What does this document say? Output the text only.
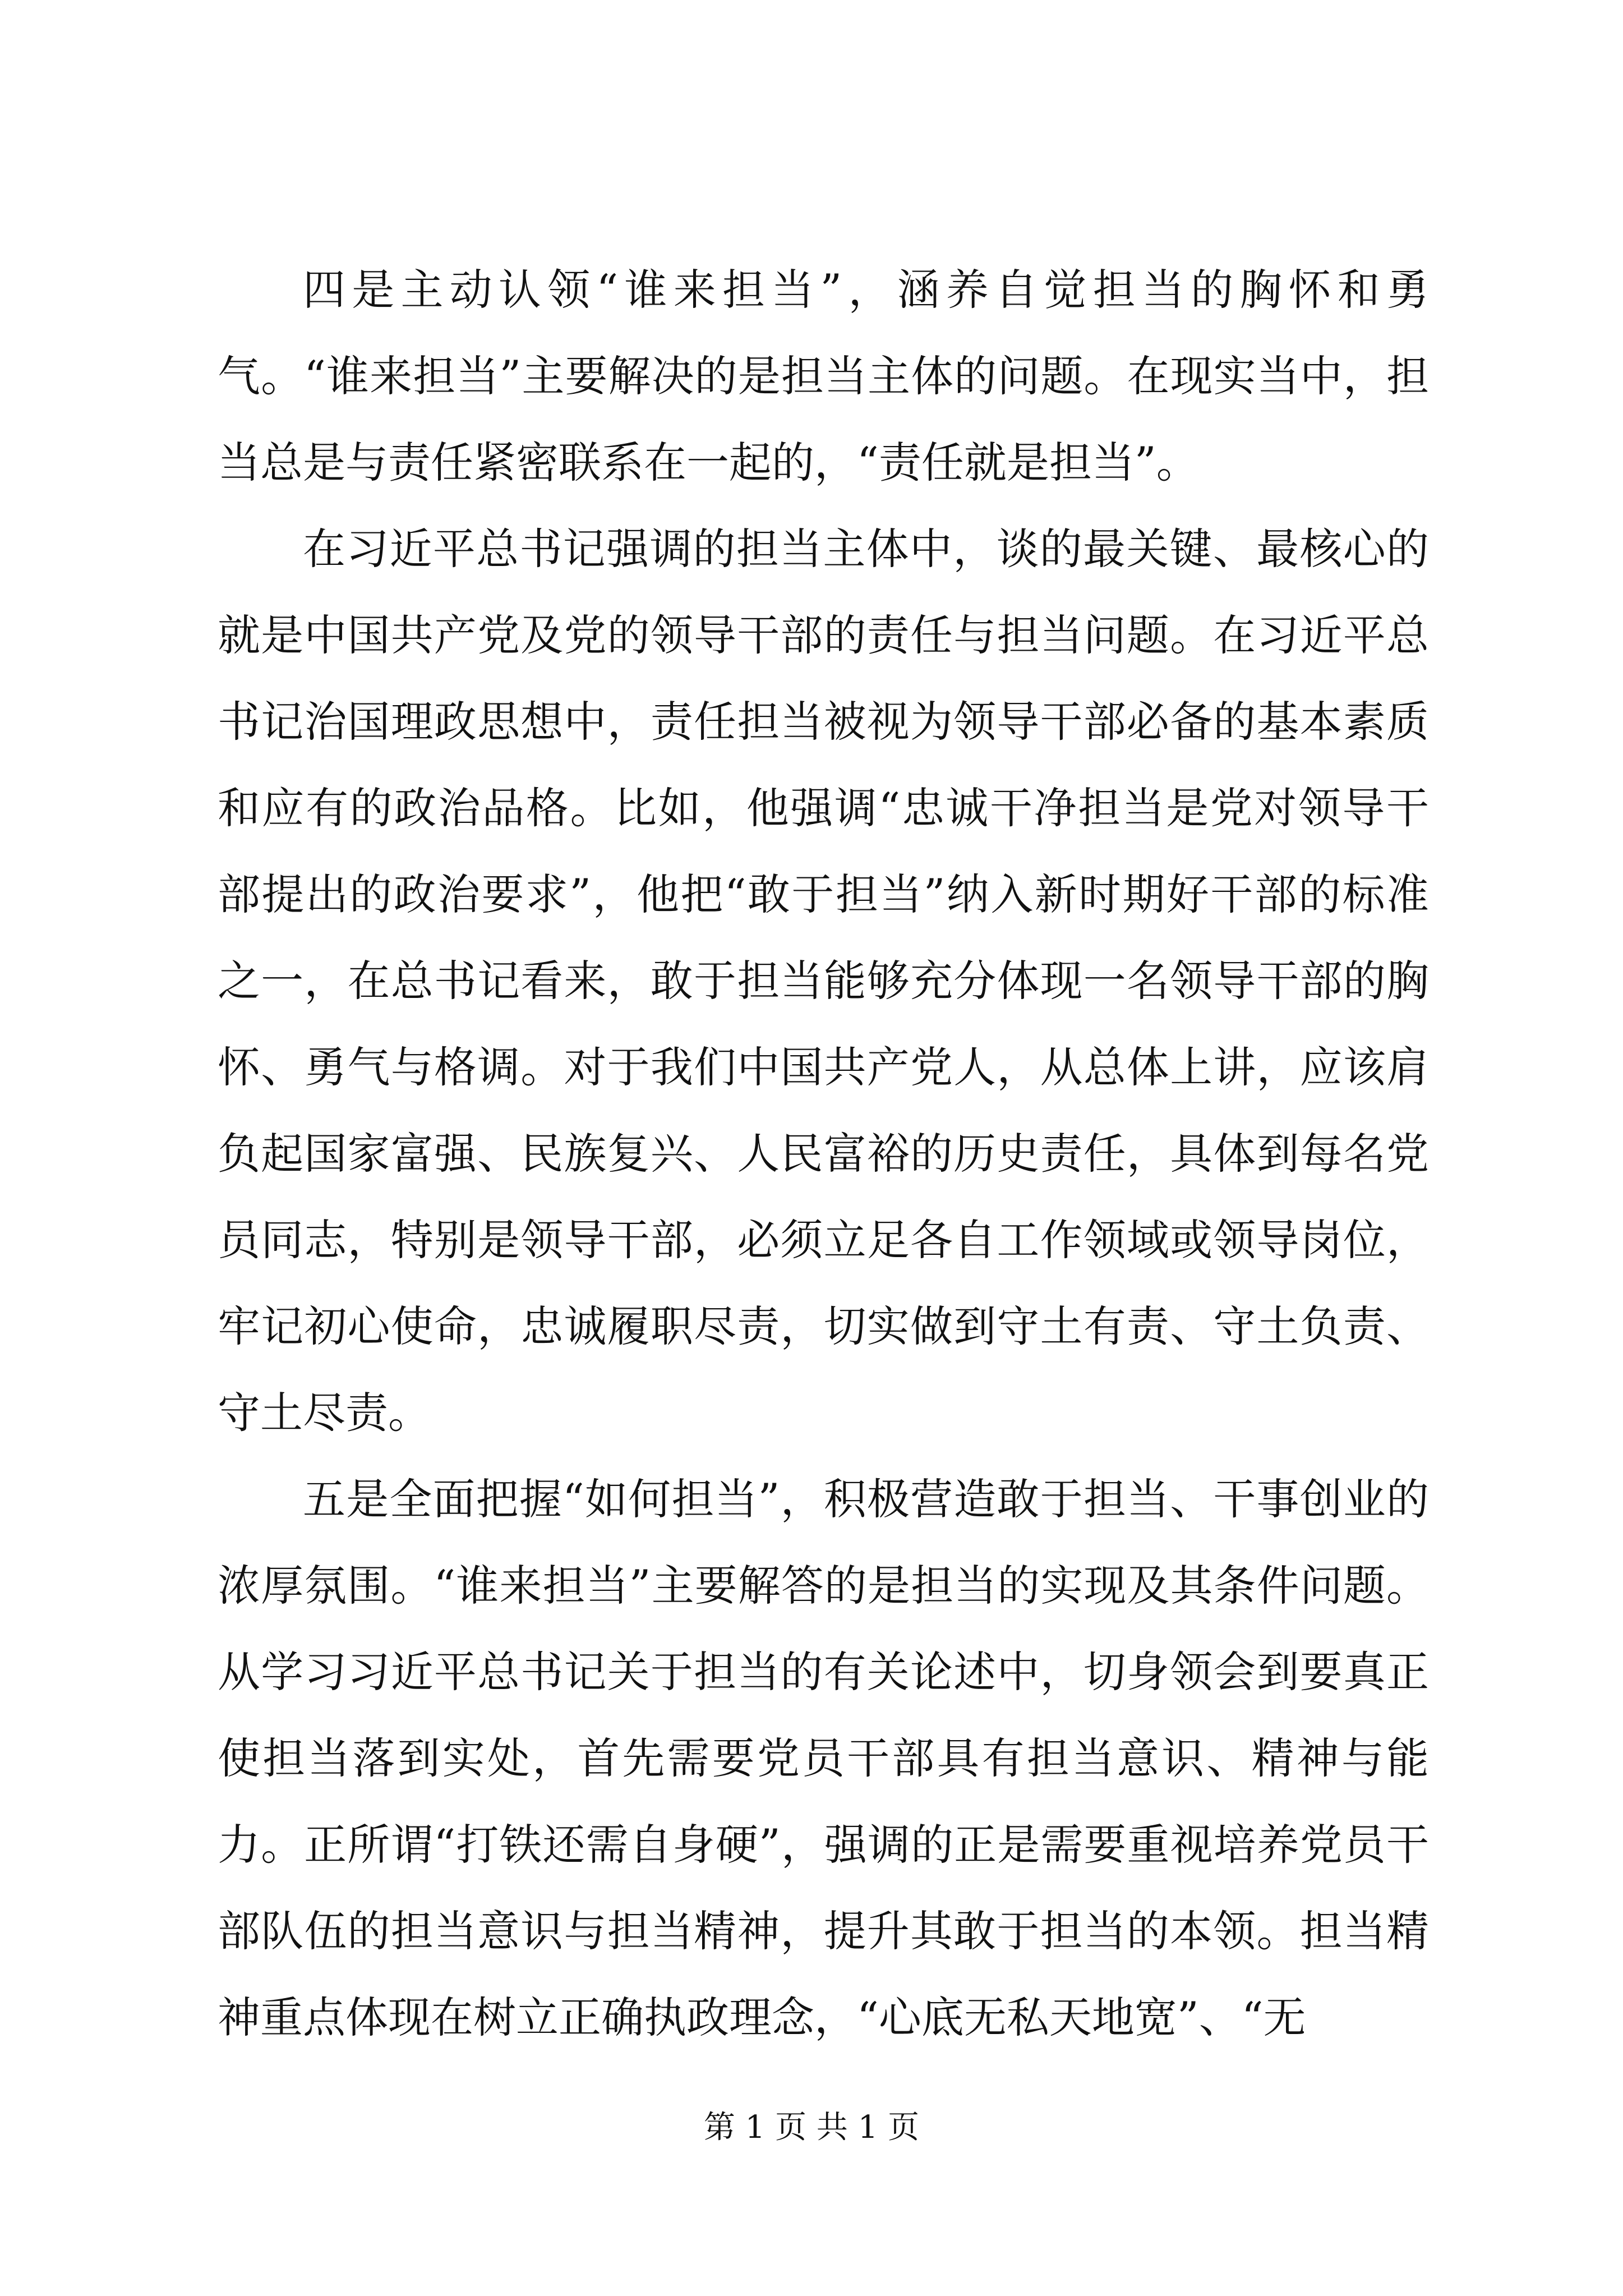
四是主动认领“谁来担当”，涵养自觉担当的胸怀和勇气。“谁来担当”主要解决的是担当主体的问题。在现实当中，担当总是与责任紧密联系在一起的，“责任就是担当”。

在习近平总书记强调的担当主体中，谈的最关键、最核心的就是中国共产党及党的领导干部的责任与担当问题。在习近平总书记治国理政思想中，责任担当被视为领导干部必备的基本素质和应有的政治品格。比如，他强调“忠诚干净担当是党对领导干部提出的政治要求”，他把“敢于担当”纳入新时期好干部的标准之一，在总书记看来，敢于担当能够充分体现一名领导干部的胸怀、勇气与格调。对于我们中国共产党人，从总体上讲，应该肩负起国家富强、民族复兴、人民富裕的历史责任，具体到每名党员同志，特别是领导干部，必须立足各自工作领域或领导岗位，牢记初心使命，忠诚履职尽责，切实做到守土有责、守土负责、守土尽责。

五是全面把握“如何担当”，积极营造敢于担当、干事创业的浓厚氛围。“谁来担当”主要解答的是担当的实现及其条件问题。从学习习近平总书记关于担当的有关论述中，切身领会到要真正使担当落到实处，首先需要党员干部具有担当意识、精神与能力。正所谓“打铁还需自身硬”，强调的正是需要重视培养党员干部队伍的担当意识与担当精神，提升其敢于担当的本领。担当精神重点体现在树立正确执政理念，“心底无私天地宽”、“无

第 1 页 共 1 页
